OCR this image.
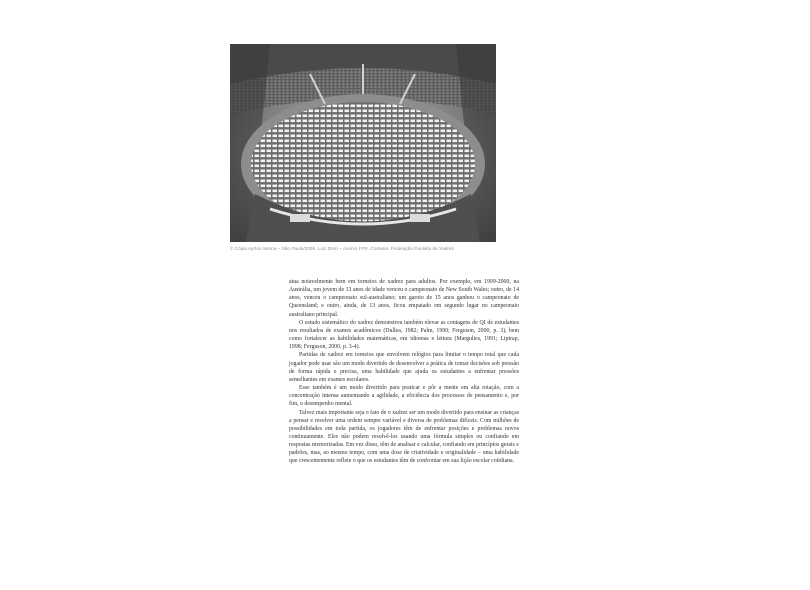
© Cópia Ayrton Senna – São Paulo/2006. Luiz Doro – Acervo FPX. Cortesia: Federação Paulista de Xadrez.

atua notavelmente bem em torneios de xadrez para adultos. Por exemplo, em 1999-2000, na Austrália, um jovem de 13 anos de idade venceu o campeonato de New South Wales; outro, de 14 anos, venceu o campeonato sul-australiano; um garoto de 15 anos ganhou o campeonato de Queensland; e outro, ainda, de 13 anos, ficou empatado em segundo lugar no campeonato australiano principal.

O estudo sistemático do xadrez demonstrou também elevar as contagens de QI de estudantes nos resultados de exames acadêmicos (Dullea, 1982; Palm, 1990; Ferguson, 2000, p. 3), bem como fortalecer as habilidades matemáticas, em idiomas e leitura (Margulies, 1991; Liptrap, 1998; Ferguson, 2000, p. 3-4).

Partidas de xadrez em torneios que envolvem relógios para limitar o tempo total que cada jogador pode usar são um modo divertido de desenvolver a prática de tomar decisões sob pressão de forma rápida e precisa, uma habilidade que ajuda os estudantes a enfrentar pressões semelhantes em exames escolares.

Esse também é um modo divertido para praticar e pôr a mente em alta rotação, com a concentração intensa aumentando a agilidade, a eficiência dos processos de pensamento e, por fim, o desempenho mental.

Talvez mais importante seja o fato de o xadrez ser um modo divertido para ensinar as crianças a pensar e resolver uma ordem sempre variável e diversa de problemas difíceis. Com milhões de possibilidades em toda partida, os jogadores têm de enfrentar posições e problemas novos continuamente. Eles não podem resolvê-los usando uma fórmula simples ou confiando em respostas memorizadas. Em vez disso, têm de analisar e calcular, confiando em princípios gerais e padrões, mas, ao mesmo tempo, com uma dose de criatividade e originalidade – uma habilidade que crescentemente reflete o que os estudantes têm de confrontar em sua lição escolar cotidiana.
